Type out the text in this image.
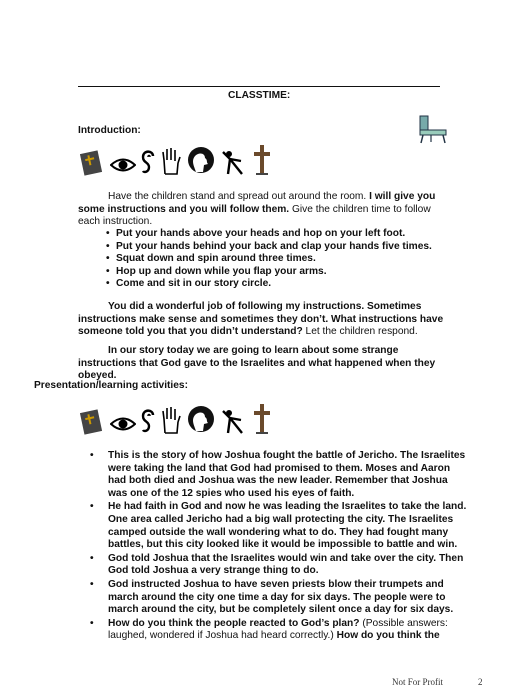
CLASSTIME:
Introduction:

Have the children stand and spread out around the room. I will give you some instructions and you will follow them. Give the children time to follow each instruction.

• Put your hands above your heads and hop on your left foot.
• Put your hands behind your back and clap your hands five times.
• Squat down and spin around three times.
• Hop up and down while you flap your arms.
• Come and sit in our story circle.

You did a wonderful job of following my instructions. Sometimes instructions make sense and sometimes they don’t. What instructions have someone told you that you didn’t understand? Let the children respond.

In our story today we are going to learn about some strange instructions that God gave to the Israelites and what happened when they obeyed.

Presentation/learning activities:
• This is the story of how Joshua fought the battle of Jericho. The Israelites were taking the land that God had promised to them. Moses and Aaron had both died and Joshua was the new leader. Remember that Joshua was one of the 12 spies who used his eyes of faith.
• He had faith in God and now he was leading the Israelites to take the land. One area called Jericho had a big wall protecting the city. The Israelites camped outside the wall wondering what to do. They had fought many battles, but this city looked like it would be impossible to battle and win.
• God told Joshua that the Israelites would win and take over the city. Then God told Joshua a very strange thing to do.
• God instructed Joshua to have seven priests blow their trumpets and march around the city one time a day for six days. The people were to march around the city, but be completely silent once a day for six days.
• How do you think the people reacted to God’s plan? (Possible answers: laughed, wondered if Joshua had heard correctly.) How do you think the
Not For Profit	2
